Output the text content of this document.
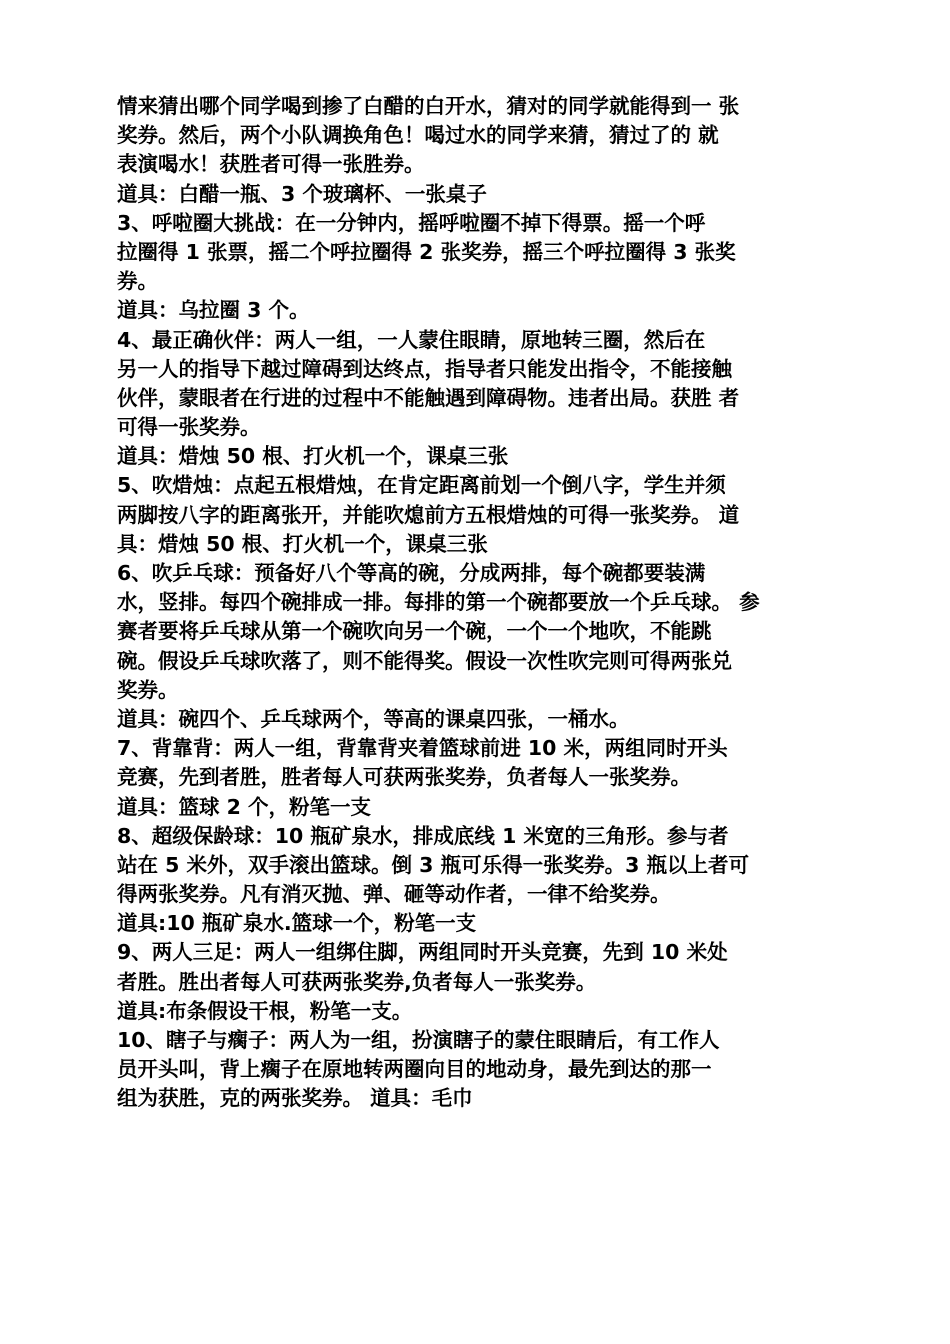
情来猜出哪个同学喝到掺了白醋的白开水，猜对的同学就能得到一 张
奖券。然后，两个小队调换角色！喝过水的同学来猜，猜过了的 就
表演喝水！获胜者可得一张胜券。
道具：白醋一瓶、3 个玻璃杯、一张桌子
3、呼啦圈大挑战：在一分钟内，摇呼啦圈不掉下得票。摇一个呼
拉圈得 1 张票，摇二个呼拉圈得 2 张奖券，摇三个呼拉圈得 3 张奖
券。
道具：乌拉圈 3 个。
4、最正确伙伴：两人一组，一人蒙住眼睛，原地转三圈，然后在
另一人的指导下越过障碍到达终点，指导者只能发出指令，不能接触
伙伴，蒙眼者在行进的过程中不能触遇到障碍物。违者出局。获胜 者
可得一张奖券。
道具：焟烛 50 根、打火机一个，课桌三张
5、吹焟烛：点起五根焟烛，在肯定距离前划一个倒八字，学生并须
两脚按八字的距离张开，并能吹熄前方五根焟烛的可得一张奖券。 道
具：焟烛 50 根、打火机一个，课桌三张
6、吹乒乓球：预备好八个等高的碗，分成两排，每个碗都要装满
水，竖排。每四个碗排成一排。每排的第一个碗都要放一个乒乓球。 参
赛者要将乒乓球从第一个碗吹向另一个碗，一个一个地吹，不能跳
碗。假设乒乓球吹落了，则不能得奖。假设一次性吹完则可得两张兑
奖券。
道具：碗四个、乒乓球两个，等高的课桌四张，一桶水。
7、背靠背：两人一组，背靠背夹着篮球前进 10 米，两组同时开头
竞赛，先到者胜，胜者每人可获两张奖券，负者每人一张奖券。
道具：篮球 2 个，粉笔一支
8、超级保龄球：10 瓶矿泉水，排成底线 1 米宽的三角形。参与者
站在 5 米外，双手滚出篮球。倒 3 瓶可乐得一张奖券。3 瓶以上者可
得两张奖券。凡有消灭抛、弹、砸等动作者，一律不给奖券。
道具:10 瓶矿泉水.篮球一个，粉笔一支
9、两人三足：两人一组绑住脚，两组同时开头竞赛，先到 10 米处
者胜。胜出者每人可获两张奖券,负者每人一张奖券。
道具:布条假设干根，粉笔一支。
10、瞎子与瘸子：两人为一组，扮演瞎子的蒙住眼睛后，有工作人
员开头叫，背上瘸子在原地转两圈向目的地动身，最先到达的那一
组为获胜，克的两张奖券。 道具：毛巾
